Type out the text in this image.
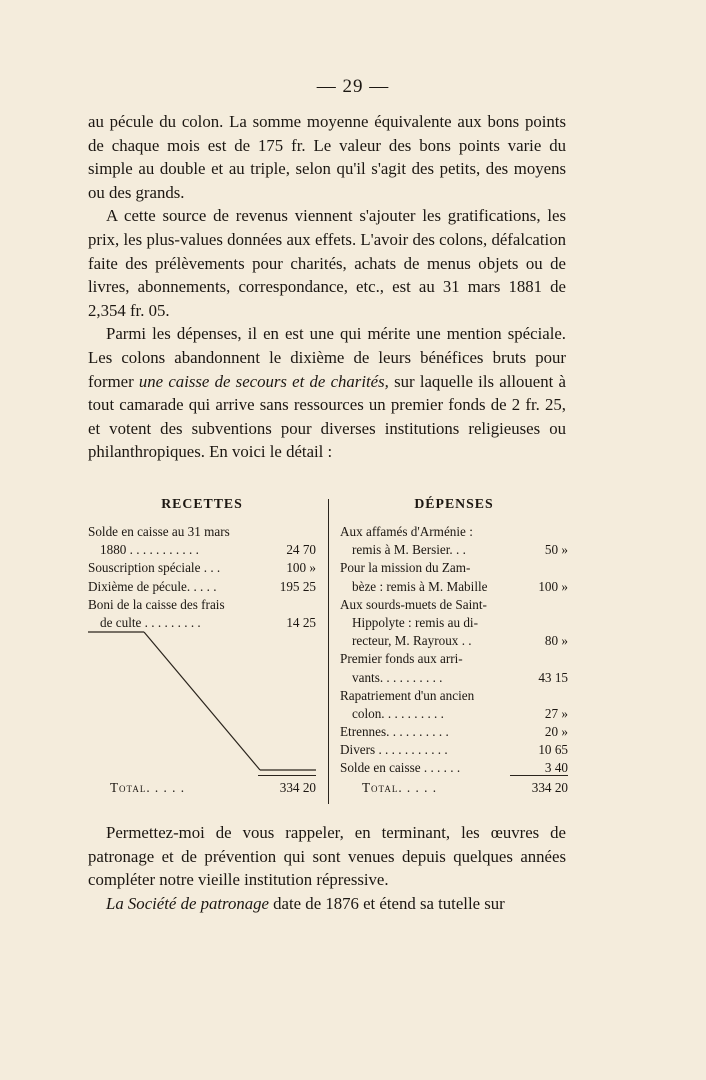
— 29 —

au pécule du colon. La somme moyenne équivalente aux bons points de chaque mois est de 175 fr. Le valeur des bons points varie du simple au double et au triple, selon qu'il s'agit des petits, des moyens ou des grands.

A cette source de revenus viennent s'ajouter les gratifications, les prix, les plus-values données aux effets. L'avoir des colons, défalcation faite des prélèvements pour charités, achats de menus objets ou de livres, abonnements, correspondance, etc., est au 31 mars 1881 de 2,354 fr. 05.

Parmi les dépenses, il en est une qui mérite une mention spéciale. Les colons abandonnent le dixième de leurs bénéfices bruts pour former une caisse de secours et de charités, sur laquelle ils allouent à tout camarade qui arrive sans ressources un premier fonds de 2 fr. 25, et votent des subventions pour diverses institutions religieuses ou philanthropiques. En voici le détail :

RECETTES
Solde en caisse au 31 mars
1880 . . . . . . . . . . .	24 70
Souscription spéciale . . .	100 »
Dixième de pécule. . . . .	195 25
Boni de la caisse des frais
de culte . . . . . . . . .	14 25
Total. . . . .	334 20
DÉPENSES
Aux affamés d'Arménie :
remis à M. Bersier. . .	50 »
Pour la mission du Zam-
bèze : remis à M. Mabille	100 »
Aux sourds-muets de Saint-
Hippolyte : remis au di-
recteur, M. Rayroux . .	80 »
Premier fonds aux arri-
vants. . . . . . . . . .	43 15
Rapatriement d'un ancien
colon. . . . . . . . . .	27 »
Etrennes. . . . . . . . . .	20 »
Divers . . . . . . . . . . .	10 65
Solde en caisse . . . . . .	3 40
Total. . . . .	334 20

Permettez-moi de vous rappeler, en terminant, les œuvres de patronage et de prévention qui sont venues depuis quelques années compléter notre vieille institution répressive.

La Société de patronage date de 1876 et étend sa tutelle sur
